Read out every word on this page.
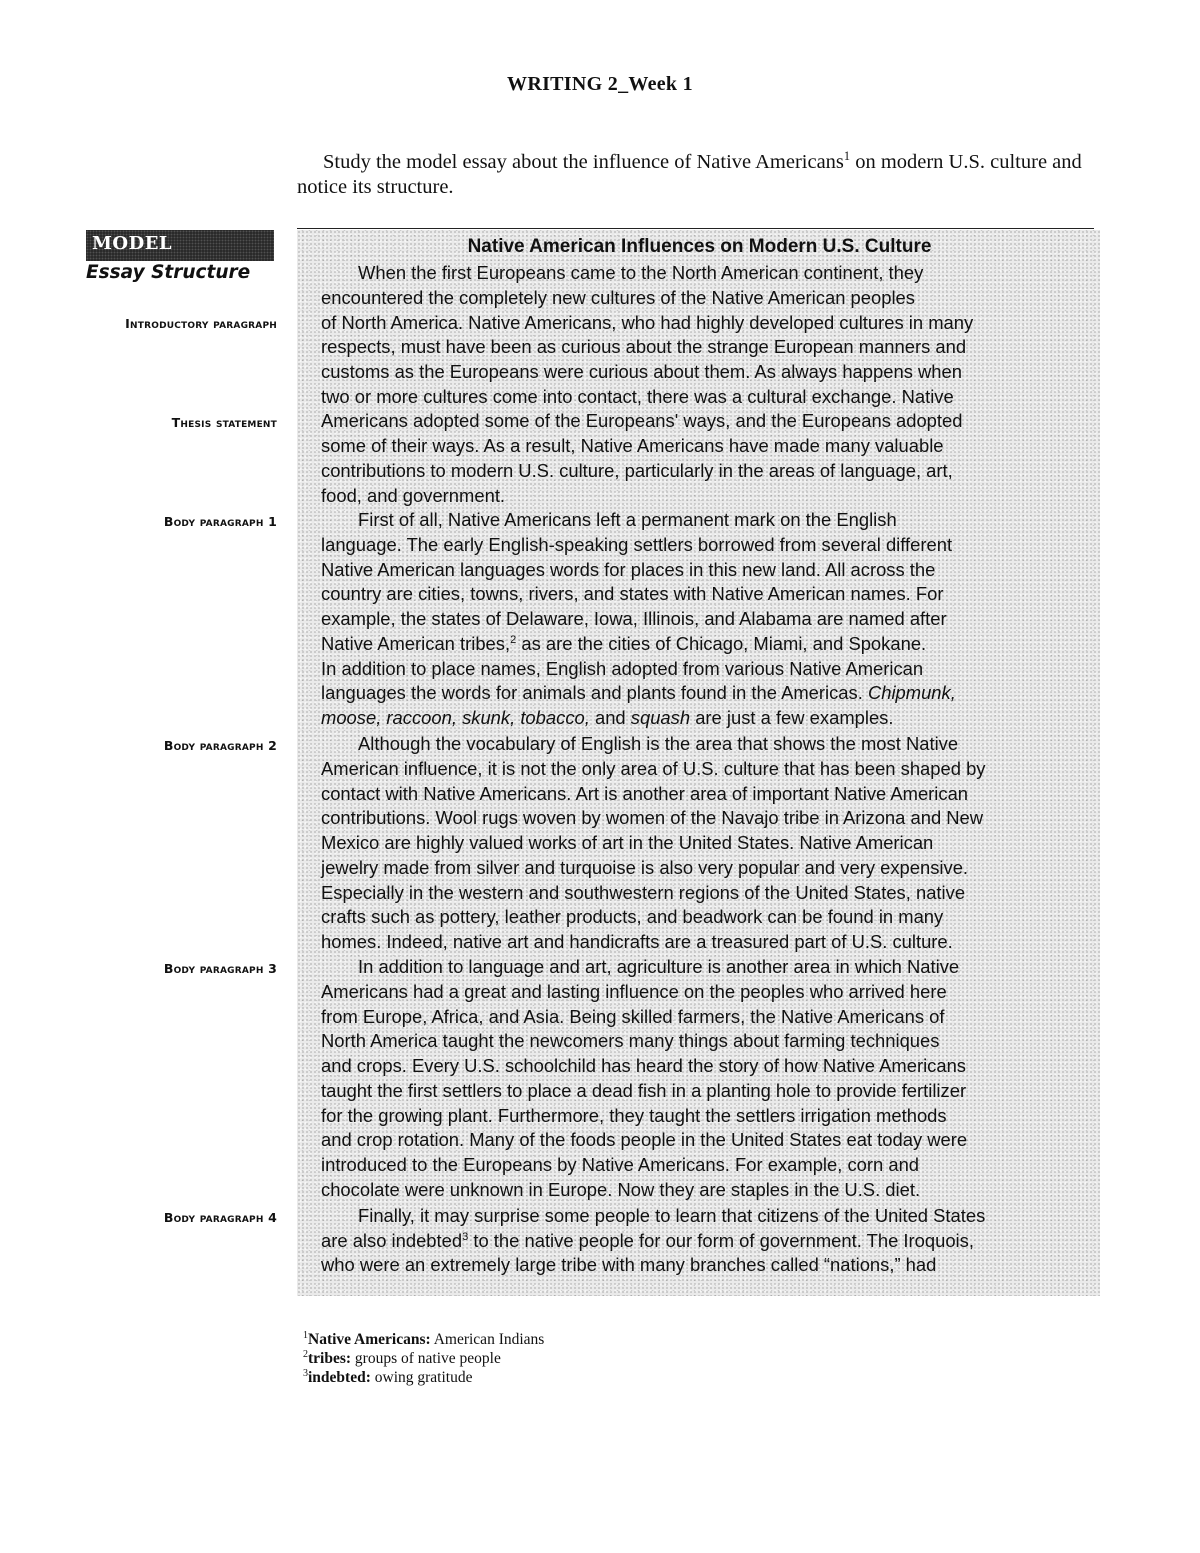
WRITING 2_Week 1
Study the model essay about the influence of Native Americans$^1$ on modern U.S. culture and notice its structure.
MODEL
Essay Structure
Introductory paragraph
Thesis statement
Body paragraph 1
Body paragraph 2
Body paragraph 3
Body paragraph 4
Native American Influences on Modern U.S. Culture
When the first Europeans came to the North American continent, they
encountered the completely new cultures of the Native American peoples
of North America. Native Americans, who had highly developed cultures in many
respects, must have been as curious about the strange European manners and
customs as the Europeans were curious about them. As always happens when
two or more cultures come into contact, there was a cultural exchange. Native
Americans adopted some of the Europeans' ways, and the Europeans adopted
some of their ways. As a result, Native Americans have made many valuable
contributions to modern U.S. culture, particularly in the areas of language, art,
food, and government.
First of all, Native Americans left a permanent mark on the English
language. The early English-speaking settlers borrowed from several different
Native American languages words for places in this new land. All across the
country are cities, towns, rivers, and states with Native American names. For
example, the states of Delaware, Iowa, Illinois, and Alabama are named after
Native American tribes,$^2$ as are the cities of Chicago, Miami, and Spokane.
In addition to place names, English adopted from various Native American
languages the words for animals and plants found in the Americas. Chipmunk,
moose, raccoon, skunk, tobacco, and squash are just a few examples.
Although the vocabulary of English is the area that shows the most Native
American influence, it is not the only area of U.S. culture that has been shaped by
contact with Native Americans. Art is another area of important Native American
contributions. Wool rugs woven by women of the Navajo tribe in Arizona and New
Mexico are highly valued works of art in the United States. Native American
jewelry made from silver and turquoise is also very popular and very expensive.
Especially in the western and southwestern regions of the United States, native
crafts such as pottery, leather products, and beadwork can be found in many
homes. Indeed, native art and handicrafts are a treasured part of U.S. culture.
In addition to language and art, agriculture is another area in which Native
Americans had a great and lasting influence on the peoples who arrived here
from Europe, Africa, and Asia. Being skilled farmers, the Native Americans of
North America taught the newcomers many things about farming techniques
and crops. Every U.S. schoolchild has heard the story of how Native Americans
taught the first settlers to place a dead fish in a planting hole to provide fertilizer
for the growing plant. Furthermore, they taught the settlers irrigation methods
and crop rotation. Many of the foods people in the United States eat today were
introduced to the Europeans by Native Americans. For example, corn and
chocolate were unknown in Europe. Now they are staples in the U.S. diet.
Finally, it may surprise some people to learn that citizens of the United States
are also indebted$^3$ to the native people for our form of government. The Iroquois,
who were an extremely large tribe with many branches called “nations,” had
$^1$Native Americans: American Indians
$^2$tribes: groups of native people
$^3$indebted: owing gratitude
